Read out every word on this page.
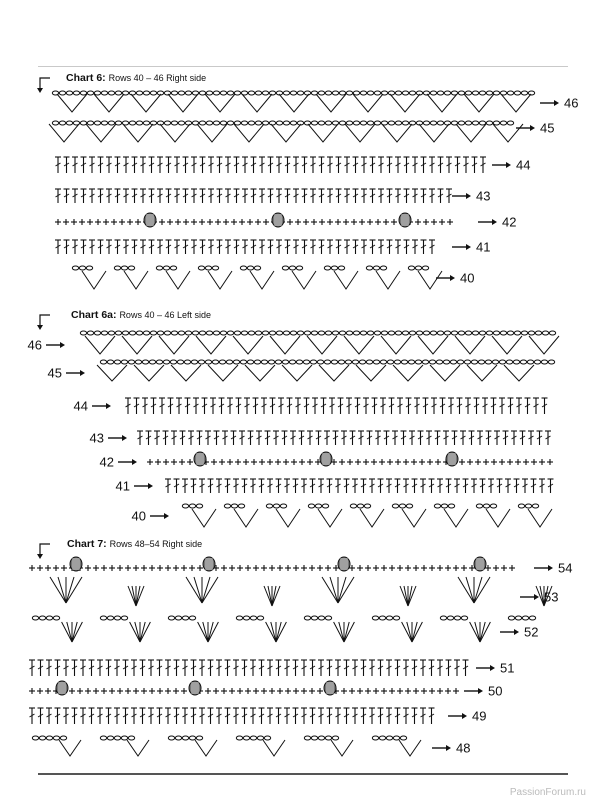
Chart 6: Rows 40 – 46 Right side
Chart 6a: Rows 40 – 46 Left side
Chart 7: Rows 48–54 Right side
46
45
44
43
42
41
40
46
45
44
43
42
41
40
54
53
52
51
50
49
48
PassionForum.ru
